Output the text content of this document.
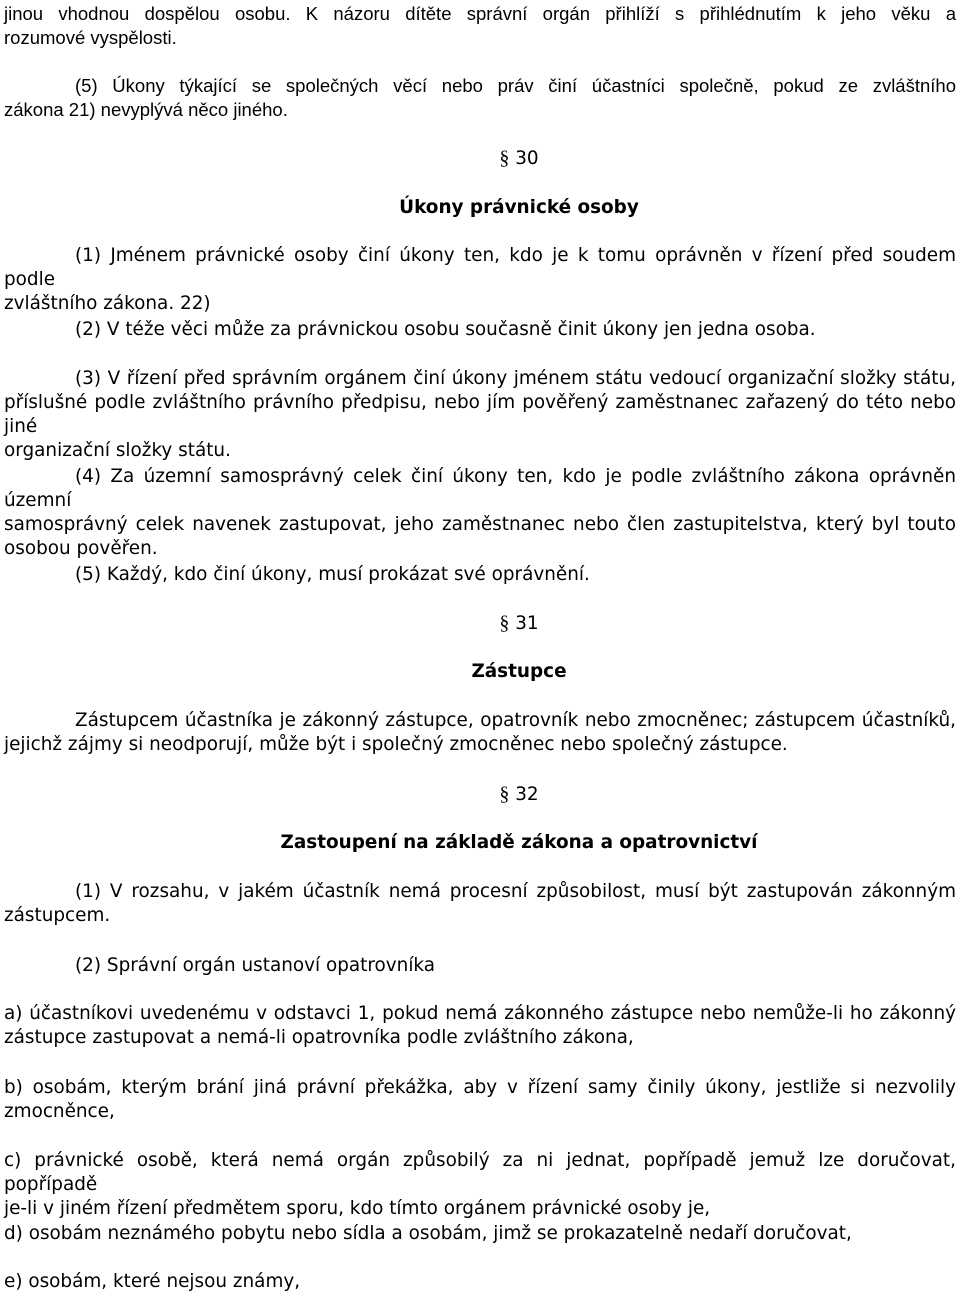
jinou vhodnou dospělou osobu. K názoru dítěte správní orgán přihlíží s přihlédnutím k jeho věku a
rozumové vyspělosti.
(5) Úkony týkající se společných věcí nebo práv činí účastníci společně, pokud ze zvláštního
zákona 21) nevyplývá něco jiného.
§ 30
Úkony právnické osoby
(1) Jménem právnické osoby činí úkony ten, kdo je k tomu oprávněn v řízení před soudem podle
zvláštního zákona. 22)
(2) V téže věci může za právnickou osobu současně činit úkony jen jedna osoba.
(3) V řízení před správním orgánem činí úkony jménem státu vedoucí organizační složky státu,
příslušné podle zvláštního právního předpisu, nebo jím pověřený zaměstnanec zařazený do této nebo jiné
organizační složky státu.
(4) Za územní samosprávný celek činí úkony ten, kdo je podle zvláštního zákona oprávněn územní
samosprávný celek navenek zastupovat, jeho zaměstnanec nebo člen zastupitelstva, který byl touto
osobou pověřen.
(5) Každý, kdo činí úkony, musí prokázat své oprávnění.
§ 31
Zástupce
Zástupcem účastníka je zákonný zástupce, opatrovník nebo zmocněnec; zástupcem účastníků,
jejichž zájmy si neodporují, může být i společný zmocněnec nebo společný zástupce.
§ 32
Zastoupení na základě zákona a opatrovnictví
(1) V rozsahu, v jakém účastník nemá procesní způsobilost, musí být zastupován zákonným
zástupcem.
(2) Správní orgán ustanoví opatrovníka
a) účastníkovi uvedenému v odstavci 1, pokud nemá zákonného zástupce nebo nemůže-li ho zákonný
zástupce zastupovat a nemá-li opatrovníka podle zvláštního zákona,
b) osobám, kterým brání jiná právní překážka, aby v řízení samy činily úkony, jestliže si nezvolily
zmocněnce,
c) právnické osobě, která nemá orgán způsobilý za ni jednat, popřípadě jemuž lze doručovat, popřípadě
je-li v jiném řízení předmětem sporu, kdo tímto orgánem právnické osoby je,
d) osobám neznámého pobytu nebo sídla a osobám, jimž se prokazatelně nedaří doručovat,
e) osobám, které nejsou známy,
